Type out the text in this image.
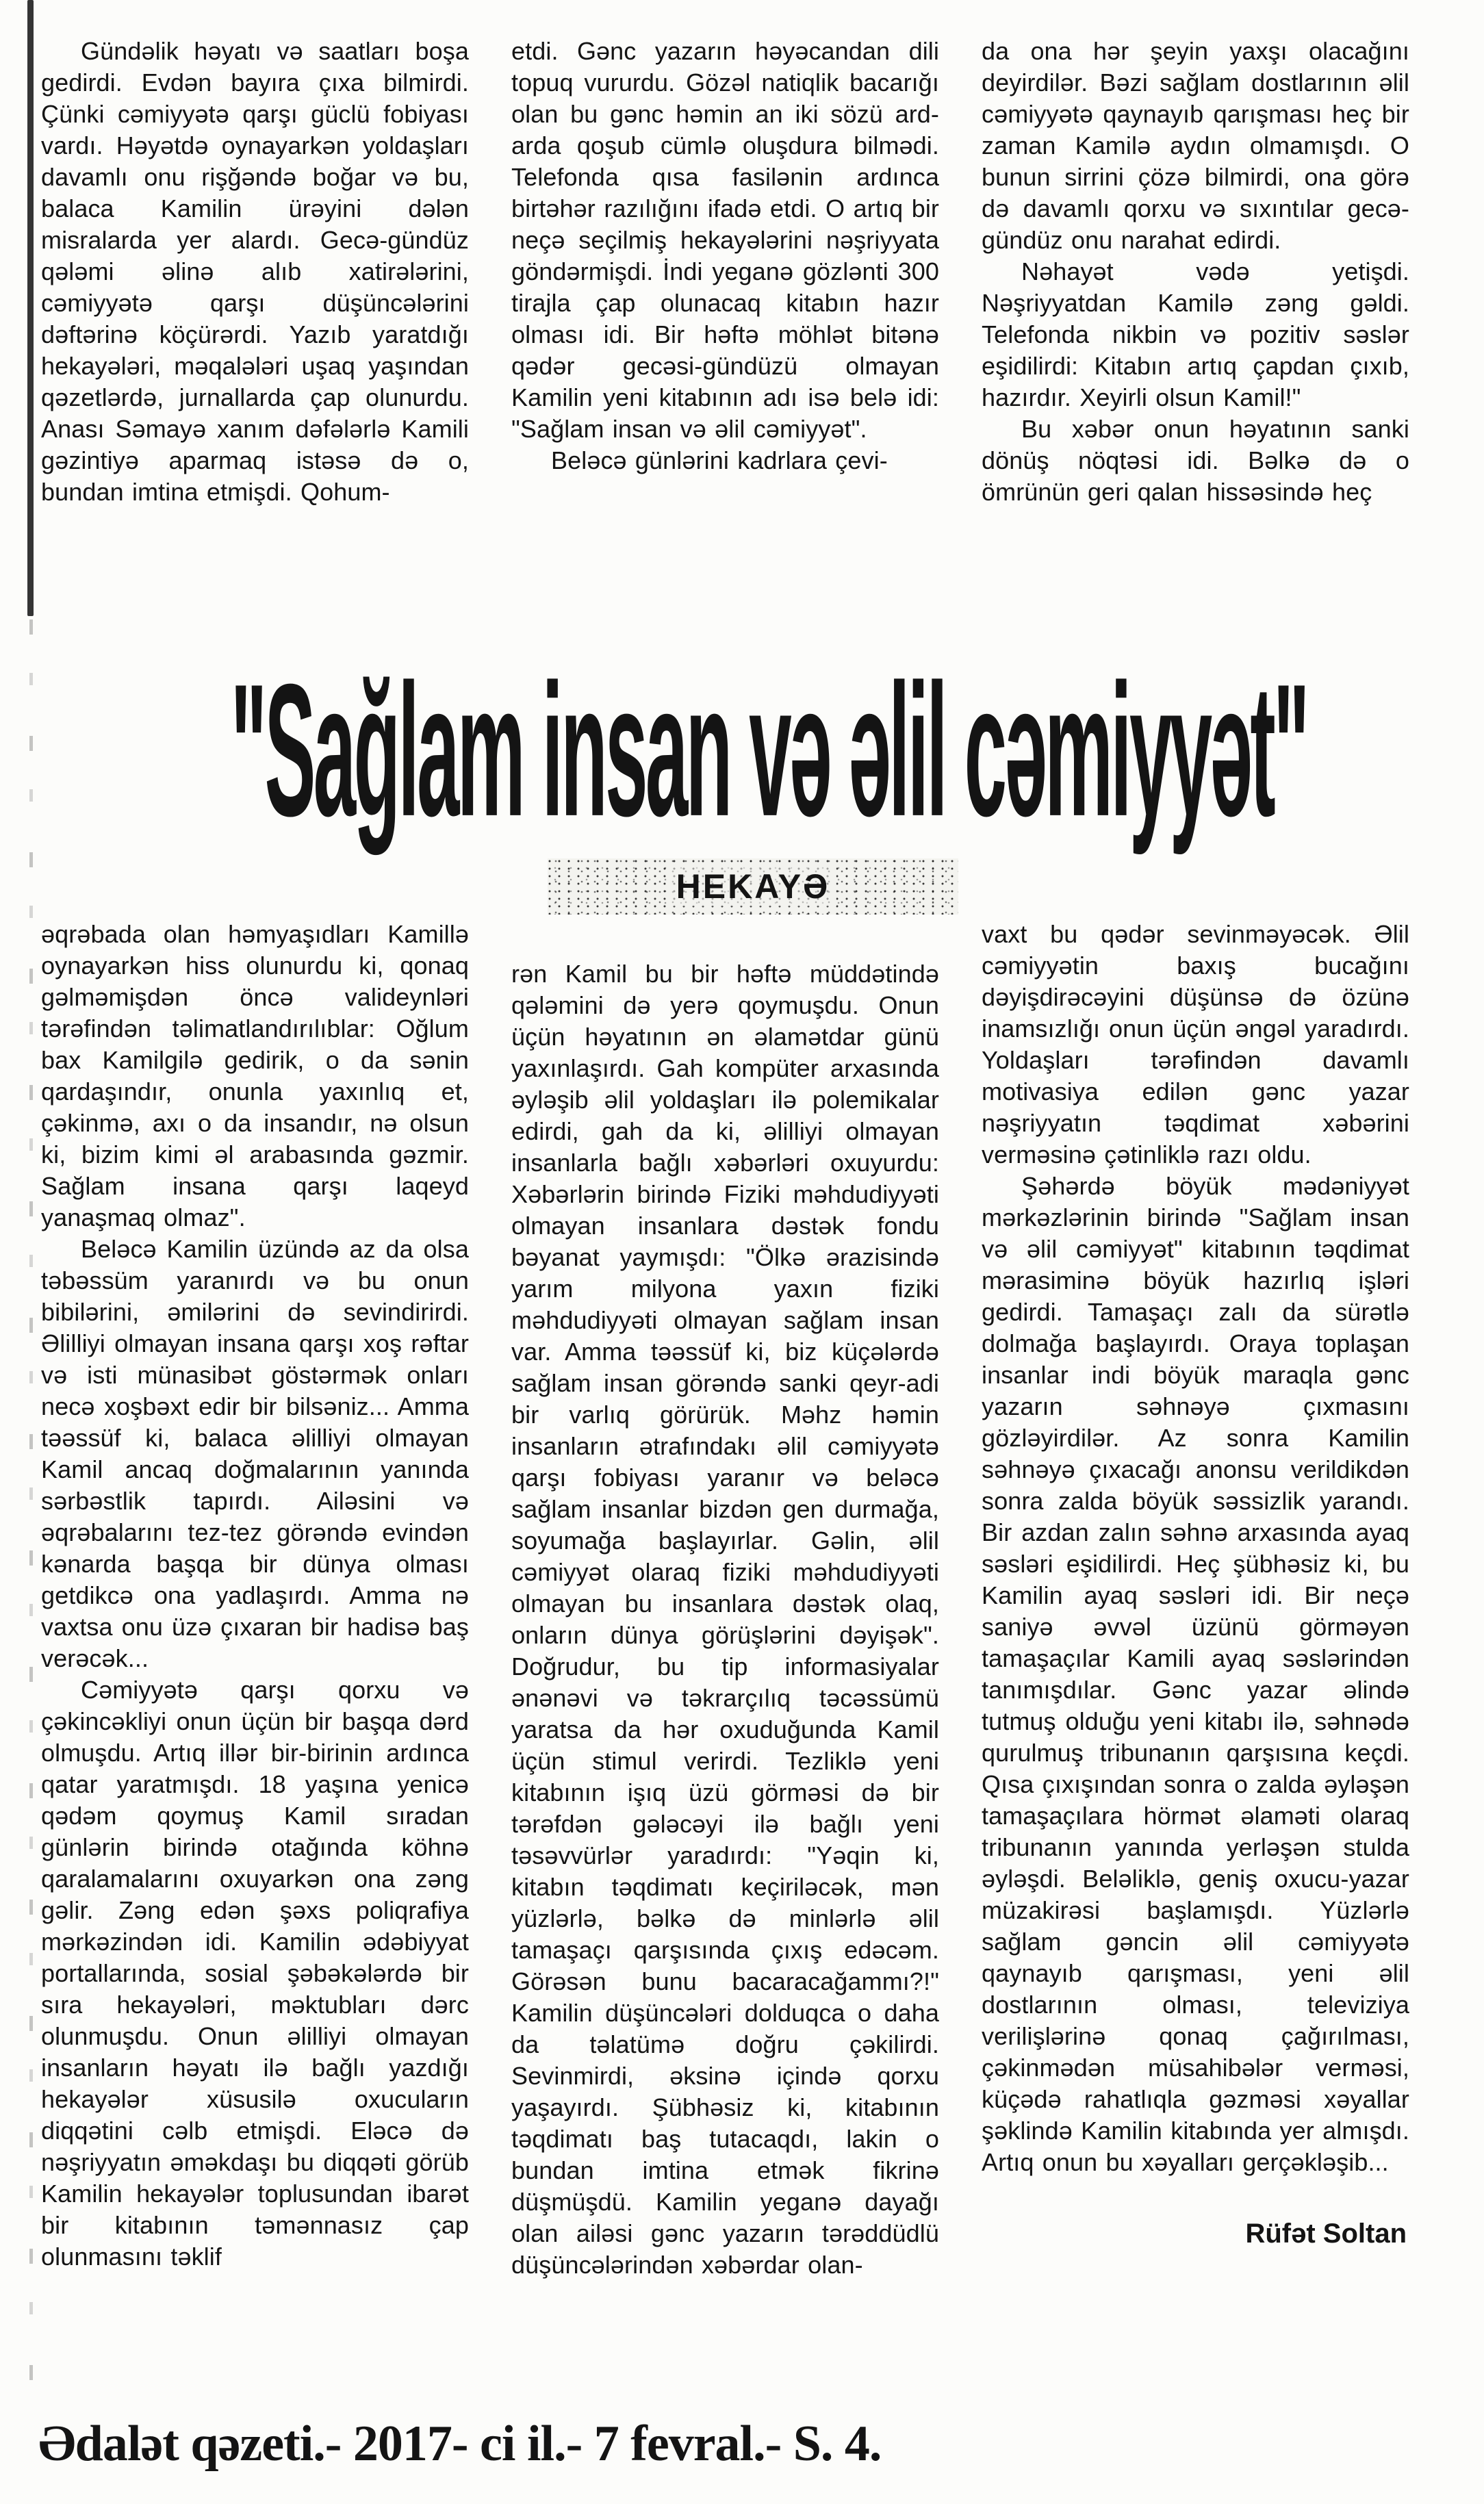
Gündəlik həyatı və saatları boşa gedirdi. Evdən bayıra çıxa bilmirdi. Çünki cəmiyyətə qarşı güclü fobiyası vardı. Həyətdə oynayarkən yoldaşları davamlı onu rişğəndə boğar və bu, balaca Kamilin ürəyini dələn misralarda yer alardı. Gecə-gündüz qələmi əlinə alıb xatirələrini, cəmiyyətə qarşı düşüncələrini dəftərinə köçürərdi. Yazıb yaratdığı hekayələri, məqalələri uşaq yaşından qəzetlərdə, jurnallarda çap olunurdu. Anası Səmayə xanım dəfələrlə Kamili gəzintiyə aparmaq istəsə də o, bundan imtina etmişdi. Qohum-

etdi. Gənc yazarın həyəcandan dili topuq vururdu. Gözəl natiqlik bacarığı olan bu gənc həmin an iki sözü ard-arda qoşub cümlə oluşdura bilmədi. Telefonda qısa fasilənin ardınca birtəhər razılığını ifadə etdi. O artıq bir neçə seçilmiş hekayələrini nəşriyyata göndərmişdi. İndi yeganə gözlənti 300 tirajla çap olunacaq kitabın hazır olması idi. Bir həftə möhlət bitənə qədər gecəsi-gündüzü olmayan Kamilin yeni kitabının adı isə belə idi: "Sağlam insan və əlil cəmiyyət".

Beləcə günlərini kadrlara çevi-

da ona hər şeyin yaxşı olacağını deyirdilər. Bəzi sağlam dostlarının əlil cəmiyyətə qaynayıb qarışması heç bir zaman Kamilə aydın olmamışdı. O bunun sirrini çözə bilmirdi, ona görə də davamlı qorxu və sıxıntılar gecə-gündüz onu narahat edirdi.

Nəhayət vədə yetişdi. Nəşriyyatdan Kamilə zəng gəldi. Telefonda nikbin və pozitiv səslər eşidilirdi: Kitabın artıq çapdan çıxıb, hazırdır. Xeyirli olsun Kamil!"

Bu xəbər onun həyatının sanki dönüş nöqtəsi idi. Bəlkə də o ömrünün geri qalan hissəsində heç

"Sağlam insan və əlil cəmiyyət"
HEKAYƏ

əqrəbada olan həmyaşıdları Kamillə oynayarkən hiss olunurdu ki, qonaq gəlməmişdən öncə valideynləri tərəfindən təlimatlandırılıblar: Oğlum bax Kamilgilə gedirik, o da sənin qardaşındır, onunla yaxınlıq et, çəkinmə, axı o da insandır, nə olsun ki, bizim kimi əl arabasında gəzmir. Sağlam insana qarşı laqeyd yanaşmaq olmaz".

Beləcə Kamilin üzündə az da olsa təbəssüm yaranırdı və bu onun bibilərini, əmilərini də sevindirirdi. Əlilliyi olmayan insana qarşı xoş rəftar və isti münasibət göstərmək onları necə xoşbəxt edir bir bilsəniz... Amma təəssüf ki, balaca əlilliyi olmayan Kamil ancaq doğmalarının yanında sərbəstlik tapırdı. Ailəsini və əqrəbalarını tez-tez görəndə evindən kənarda başqa bir dünya olması getdikcə ona yadlaşırdı. Amma nə vaxtsa onu üzə çıxaran bir hadisə baş verəcək...

Cəmiyyətə qarşı qorxu və çəkincəkliyi onun üçün bir başqa dərd olmuşdu. Artıq illər bir-birinin ardınca qatar yaratmışdı. 18 yaşına yenicə qədəm qoymuş Kamil sıradan günlərin birində otağında köhnə qaralamalarını oxuyarkən ona zəng gəlir. Zəng edən şəxs poliqrafiya mərkəzindən idi. Kamilin ədəbiyyat portallarında, sosial şəbəkələrdə bir sıra hekayələri, məktubları dərc olunmuşdu. Onun əlilliyi olmayan insanların həyatı ilə bağlı yazdığı hekayələr xüsusilə oxucuların diqqətini cəlb etmişdi. Eləcə də nəşriyyatın əməkdaşı bu diqqəti görüb Kamilin hekayələr toplusundan ibarət bir kitabının təmənnasız çap olunmasını təklif

rən Kamil bu bir həftə müddətində qələmini də yerə qoymuşdu. Onun üçün həyatının ən əlamətdar günü yaxınlaşırdı. Gah kompüter arxasında əyləşib əlil yoldaşları ilə polemikalar edirdi, gah da ki, əlilliyi olmayan insanlarla bağlı xəbərləri oxuyurdu: Xəbərlərin birində Fiziki məhdudiyyəti olmayan insanlara dəstək fondu bəyanat yaymışdı: "Ölkə ərazisində yarım milyona yaxın fiziki məhdudiyyəti olmayan sağlam insan var. Amma təəssüf ki, biz küçələrdə sağlam insan görəndə sanki qeyr-adi bir varlıq görürük. Məhz həmin insanların ətrafındakı əlil cəmiyyətə qarşı fobiyası yaranır və beləcə sağlam insanlar bizdən gen durmağa, soyumağa başlayırlar. Gəlin, əlil cəmiyyət olaraq fiziki məhdudiyyəti olmayan bu insanlara dəstək olaq, onların dünya görüşlərini dəyişək". Doğrudur, bu tip informasiyalar ənənəvi və təkrarçılıq təcəssümü yaratsa da hər oxuduğunda Kamil üçün stimul verirdi. Tezliklə yeni kitabının işıq üzü görməsi də bir tərəfdən gələcəyi ilə bağlı yeni təsəvvürlər yaradırdı: "Yəqin ki, kitabın təqdimatı keçiriləcək, mən yüzlərlə, bəlkə də minlərlə əlil tamaşaçı qarşısında çıxış edəcəm. Görəsən bunu bacaracağammı?!" Kamilin düşüncələri dolduqca o daha da təlatümə doğru çəkilirdi. Sevinmirdi, əksinə içində qorxu yaşayırdı. Şübhəsiz ki, kitabının təqdimatı baş tutacaqdı, lakin o bundan imtina etmək fikrinə düşmüşdü. Kamilin yeganə dayağı olan ailəsi gənc yazarın tərəddüdlü düşüncələrindən xəbərdar olan-

vaxt bu qədər sevinməyəcək. Əlil cəmiyyətin baxış bucağını dəyişdirəcəyini düşünsə də özünə inamsızlığı onun üçün əngəl yaradırdı. Yoldaşları tərəfindən davamlı motivasiya edilən gənc yazar nəşriyyatın təqdimat xəbərini verməsinə çətinliklə razı oldu.

Şəhərdə böyük mədəniyyət mərkəzlərinin birində "Sağlam insan və əlil cəmiyyət" kitabının təqdimat mərasiminə böyük hazırlıq işləri gedirdi. Tamaşaçı zalı da sürətlə dolmağa başlayırdı. Oraya toplaşan insanlar indi böyük maraqla gənc yazarın səhnəyə çıxmasını gözləyirdilər. Az sonra Kamilin səhnəyə çıxacağı anonsu verildikdən sonra zalda böyük səssizlik yarandı. Bir azdan zalın səhnə arxasında ayaq səsləri eşidilirdi. Heç şübhəsiz ki, bu Kamilin ayaq səsləri idi. Bir neçə saniyə əvvəl üzünü görməyən tamaşaçılar Kamili ayaq səslərindən tanımışdılar. Gənc yazar əlində tutmuş olduğu yeni kitabı ilə, səhnədə qurulmuş tribunanın qarşısına keçdi. Qısa çıxışından sonra o zalda əyləşən tamaşaçılara hörmət əlaməti olaraq tribunanın yanında yerləşən stulda əyləşdi. Beləliklə, geniş oxucu-yazar müzakirəsi başlamışdı. Yüzlərlə sağlam gəncin əlil cəmiyyətə qaynayıb qarışması, yeni əlil dostlarının olması, televiziya verilişlərinə qonaq çağırılması, çəkinmədən müsahibələr verməsi, küçədə rahatlıqla gəzməsi xəyallar şəklində Kamilin kitabında yer almışdı. Artıq onun bu xəyalları gerçəkləşib...

Rüfət Soltan
Ədalət qəzeti.- 2017- ci il.- 7 fevral.- S. 4.
